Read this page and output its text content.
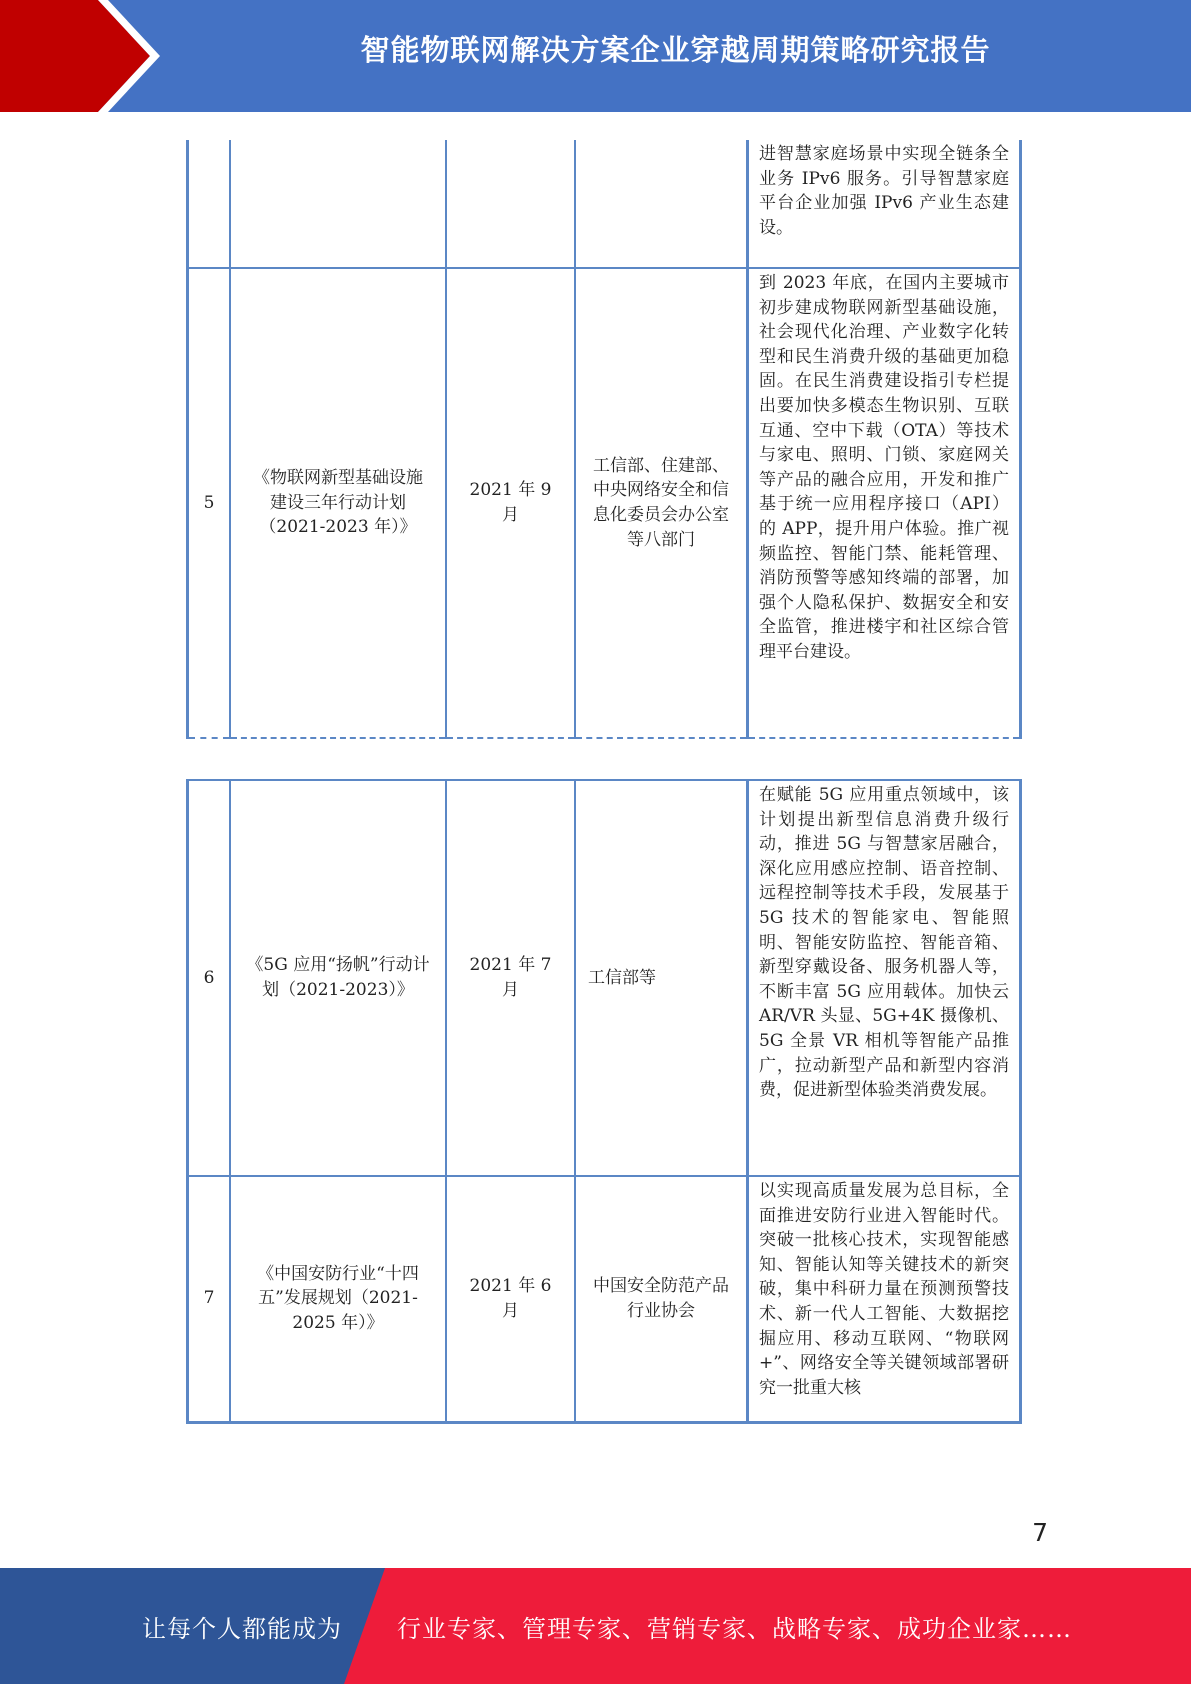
智能物联网解决方案企业穿越周期策略研究报告
				进智慧家庭场景中实现全链条全业务 IPv6 服务。引导智慧家庭平台企业加强 IPv6 产业生态建设。
5	《物联网新型基础设施建设三年行动计划（2021-2023 年）》	2021 年 9 月	工信部、住建部、中央网络安全和信息化委员会办公室等八部门	到 2023 年底，在国内主要城市初步建成物联网新型基础设施，社会现代化治理、产业数字化转型和民生消费升级的基础更加稳固。在民生消费建设指引专栏提出要加快多模态生物识别、互联互通、空中下载（OTA）等技术与家电、照明、门锁、家庭网关等产品的融合应用，开发和推广基于统一应用程序接口（API）的 APP，提升用户体验。推广视频监控、智能门禁、能耗管理、消防预警等感知终端的部署，加强个人隐私保护、数据安全和安全监管，推进楼宇和社区综合管理平台建设。
6	《5G 应用“扬帆”行动计划（2021-2023）》	2021 年 7 月	工信部等	在赋能 5G 应用重点领域中，该计划提出新型信息消费升级行动，推进 5G 与智慧家居融合，深化应用感应控制、语音控制、远程控制等技术手段，发展基于 5G 技术的智能家电、智能照明、智能安防监控、智能音箱、新型穿戴设备、服务机器人等，不断丰富 5G 应用载体。加快云 AR/VR 头显、5G+4K 摄像机、5G 全景 VR 相机等智能产品推广，拉动新型产品和新型内容消费，促进新型体验类消费发展。
7	《中国安防行业“十四五”发展规划（2021-2025 年）》	2021 年 6 月	中国安全防范产品行业协会	以实现高质量发展为总目标，全面推进安防行业进入智能时代。突破一批核心技术，实现智能感知、智能认知等关键技术的新突破，集中科研力量在预测预警技术、新一代人工智能、大数据挖掘应用、移动互联网、“物联网+”、网络安全等关键领域部署研究一批重大核
7
让每个人都能成为 行业专家、管理专家、营销专家、战略专家、成功企业家……
